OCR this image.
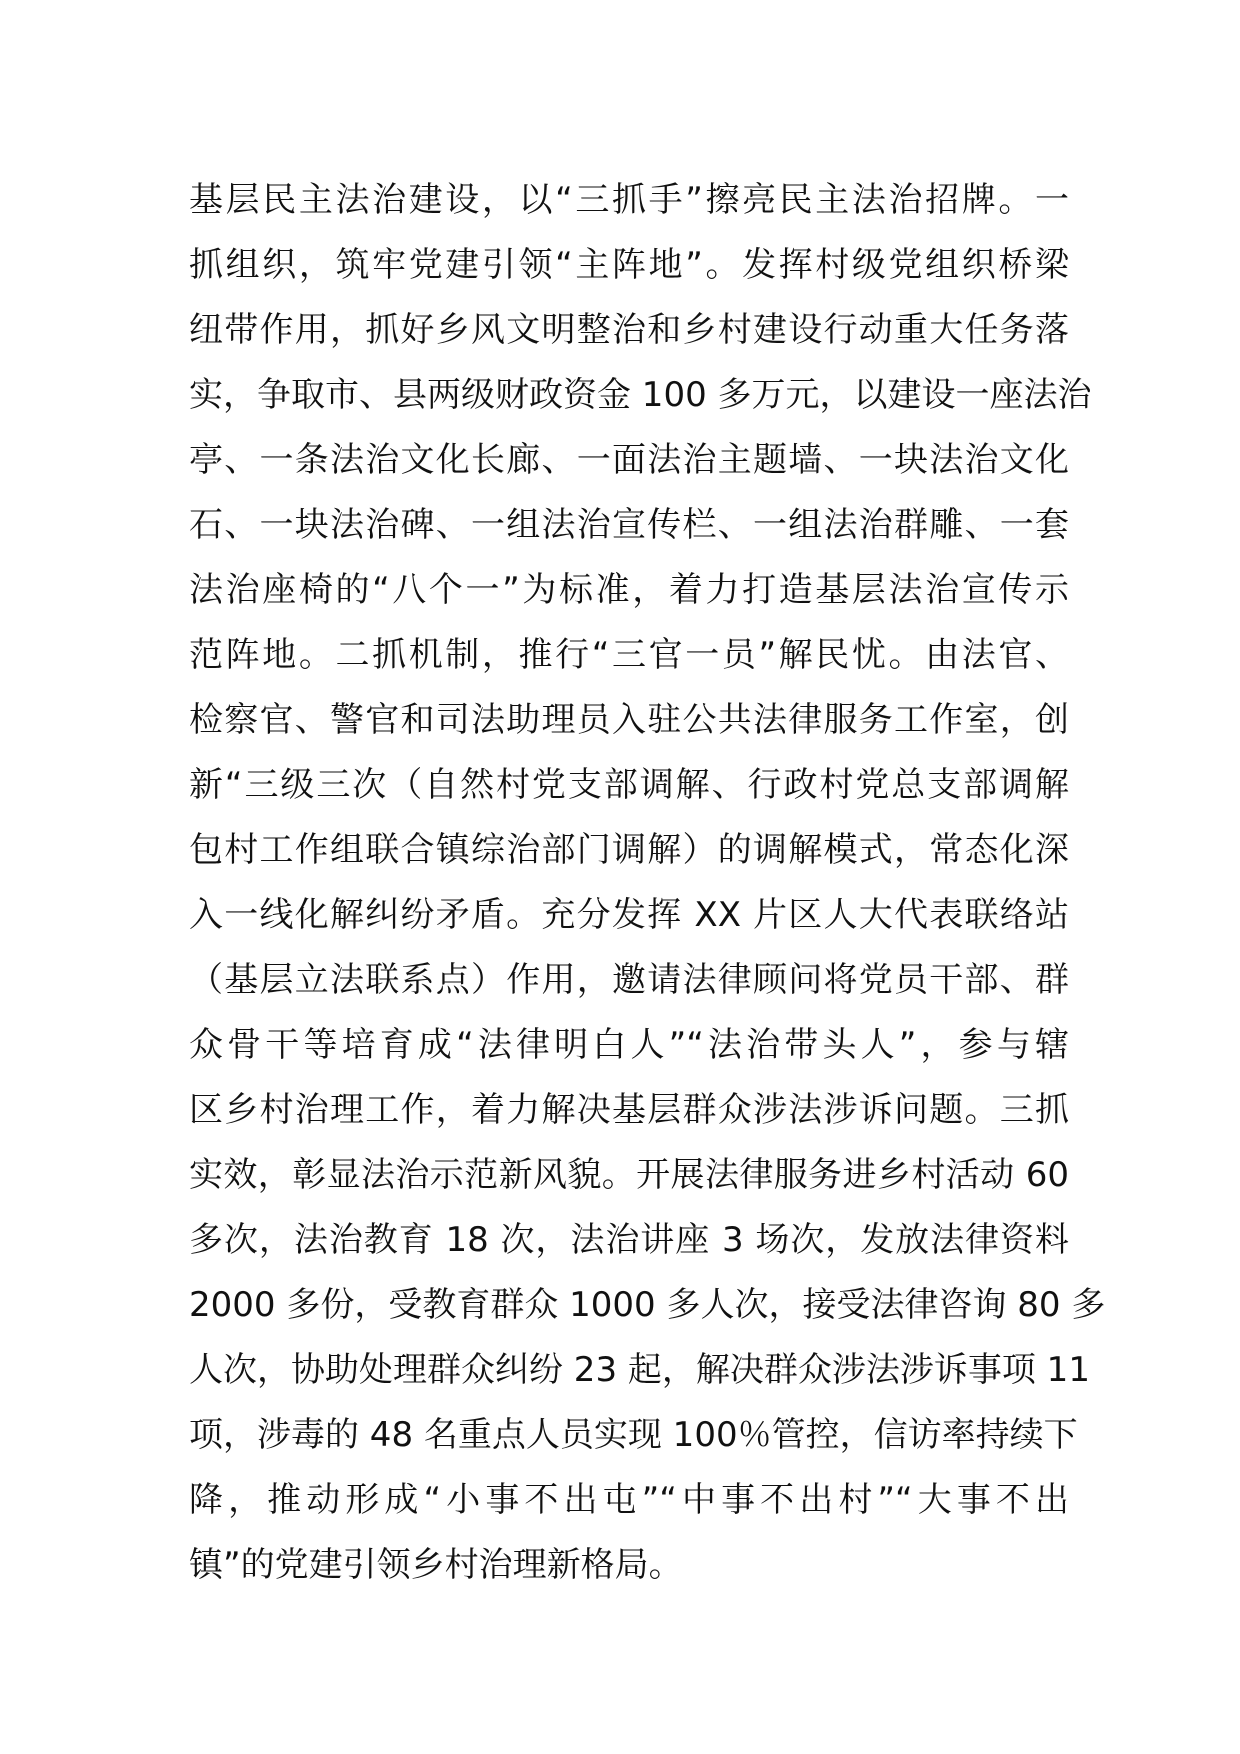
基层民主法治建设，以“三抓手”擦亮民主法治招牌。一
抓组织，筑牢党建引领“主阵地”。发挥村级党组织桥梁
纽带作用，抓好乡风文明整治和乡村建设行动重大任务落
实，争取市、县两级财政资金 100 多万元，以建设一座法治
亭、一条法治文化长廊、一面法治主题墙、一块法治文化
石、一块法治碑、一组法治宣传栏、一组法治群雕、一套
法治座椅的“八个一”为标准，着力打造基层法治宣传示
范阵地。二抓机制，推行“三官一员”解民忧。由法官、
检察官、警官和司法助理员入驻公共法律服务工作室，创
新“三级三次（自然村党支部调解、行政村党总支部调解
包村工作组联合镇综治部门调解）的调解模式，常态化深
入一线化解纠纷矛盾。充分发挥 XX 片区人大代表联络站
（基层立法联系点）作用，邀请法律顾问将党员干部、群
众骨干等培育成“法律明白人”“法治带头人”，参与辖
区乡村治理工作，着力解决基层群众涉法涉诉问题。三抓
实效，彰显法治示范新风貌。开展法律服务进乡村活动 60
多次，法治教育 18 次，法治讲座 3 场次，发放法律资料
2000 多份，受教育群众 1000 多人次，接受法律咨询 80 多
人次，协助处理群众纠纷 23 起，解决群众涉法涉诉事项 11
项，涉毒的 48 名重点人员实现 100％管控，信访率持续下
降，推动形成“小事不出屯”“中事不出村”“大事不出
镇”的党建引领乡村治理新格局。
